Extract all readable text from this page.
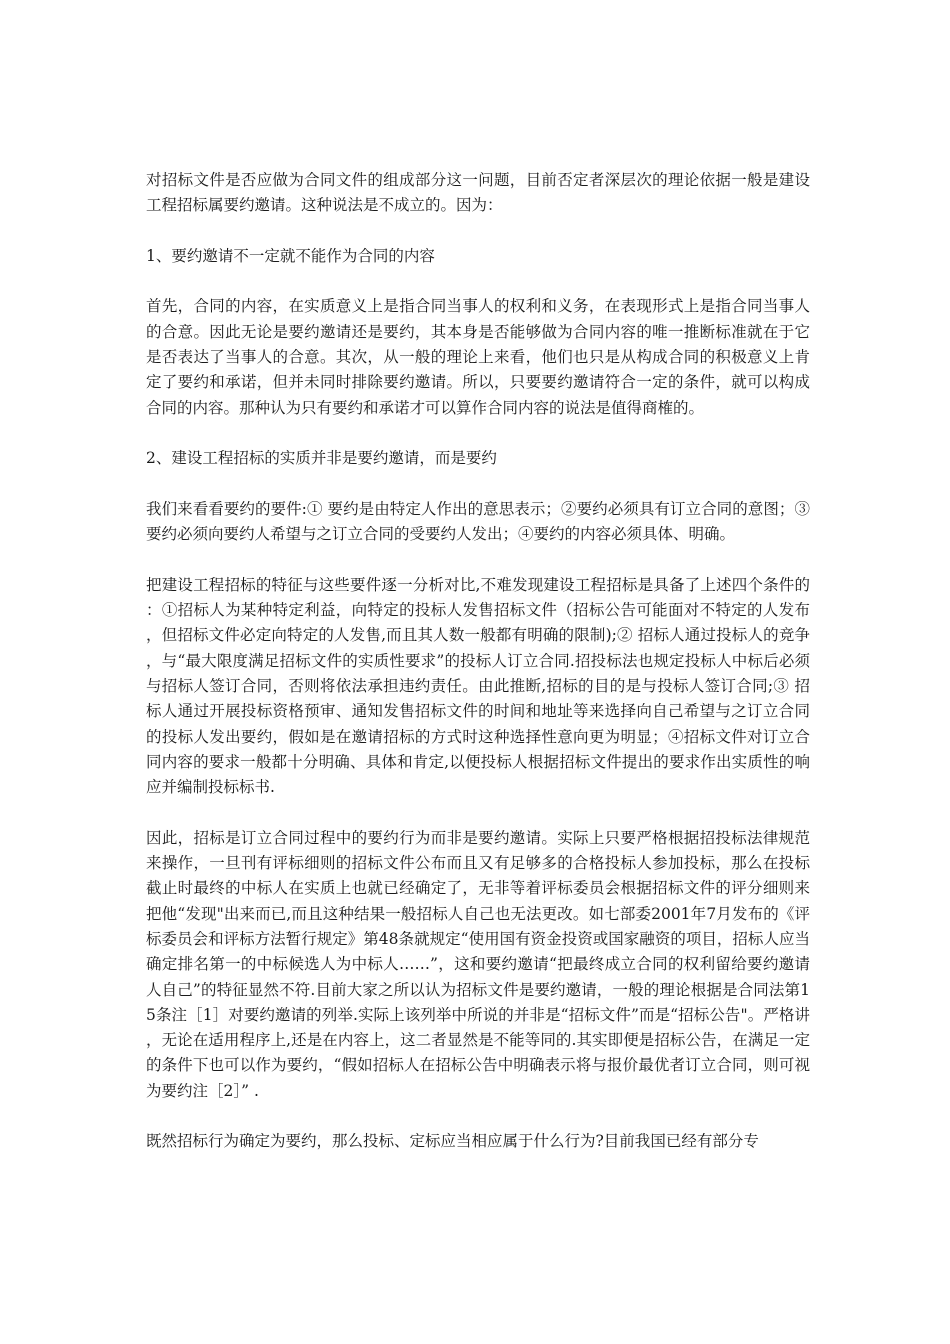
对招标文件是否应做为合同文件的组成部分这一问题，目前否定者深层次的理论依据一般是建设工程招标属要约邀请。这种说法是不成立的。因为：

1、要约邀请不一定就不能作为合同的内容

首先，合同的内容，在实质意义上是指合同当事人的权利和义务，在表现形式上是指合同当事人的合意。因此无论是要约邀请还是要约，其本身是否能够做为合同内容的唯一推断标准就在于它是否表达了当事人的合意。其次，从一般的理论上来看，他们也只是从构成合同的积极意义上肯定了要约和承诺，但并未同时排除要约邀请。所以，只要要约邀请符合一定的条件，就可以构成合同的内容。那种认为只有要约和承诺才可以算作合同内容的说法是值得商榷的。

2、建设工程招标的实质并非是要约邀请，而是要约

我们来看看要约的要件:① 要约是由特定人作出的意思表示；②要约必须具有订立合同的意图；③要约必须向要约人希望与之订立合同的受要约人发出；④要约的内容必须具体、明确。

把建设工程招标的特征与这些要件逐一分析对比,不难发现建设工程招标是具备了上述四个条件的：①招标人为某种特定利益，向特定的投标人发售招标文件（招标公告可能面对不特定的人发布，但招标文件必定向特定的人发售,而且其人数一般都有明确的限制);② 招标人通过投标人的竞争，与“最大限度满足招标文件的实质性要求”的投标人订立合同.招投标法也规定投标人中标后必须与招标人签订合同，否则将依法承担违约责任。由此推断,招标的目的是与投标人签订合同;③ 招标人通过开展投标资格预审、通知发售招标文件的时间和地址等来选择向自己希望与之订立合同的投标人发出要约，假如是在邀请招标的方式时这种选择性意向更为明显；④招标文件对订立合同内容的要求一般都十分明确、具体和肯定,以便投标人根据招标文件提出的要求作出实质性的响应并编制投标标书.

因此，招标是订立合同过程中的要约行为而非是要约邀请。实际上只要严格根据招投标法律规范来操作，一旦刊有评标细则的招标文件公布而且又有足够多的合格投标人参加投标，那么在投标截止时最终的中标人在实质上也就已经确定了，无非等着评标委员会根据招标文件的评分细则来把他“发现"出来而已,而且这种结果一般招标人自己也无法更改。如七部委2001年7月发布的《评标委员会和评标方法暂行规定》第48条就规定“使用国有资金投资或国家融资的项目，招标人应当确定排名第一的中标候选人为中标人……”，这和要约邀请“把最终成立合同的权利留给要约邀请人自己”的特征显然不符.目前大家之所以认为招标文件是要约邀请，一般的理论根据是合同法第15条注［1］对要约邀请的列举.实际上该列举中所说的并非是“招标文件”而是“招标公告"。严格讲，无论在适用程序上,还是在内容上，这二者显然是不能等同的.其实即便是招标公告，在满足一定的条件下也可以作为要约，“假如招标人在招标公告中明确表示将与报价最优者订立合同，则可视为要约注［2］” .

既然招标行为确定为要约，那么投标、定标应当相应属于什么行为?目前我国已经有部分专
